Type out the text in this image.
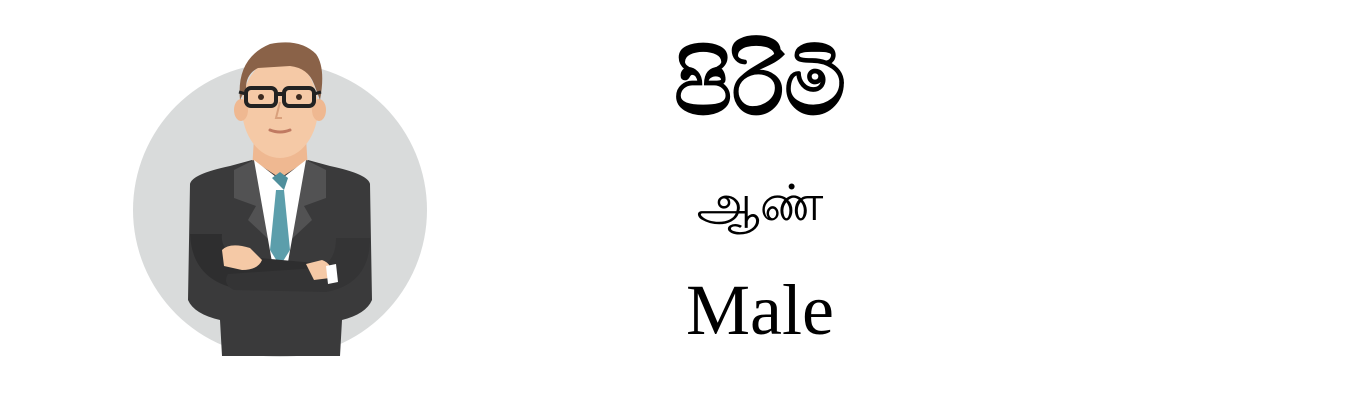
පිරිමි
ஆண்
Male
